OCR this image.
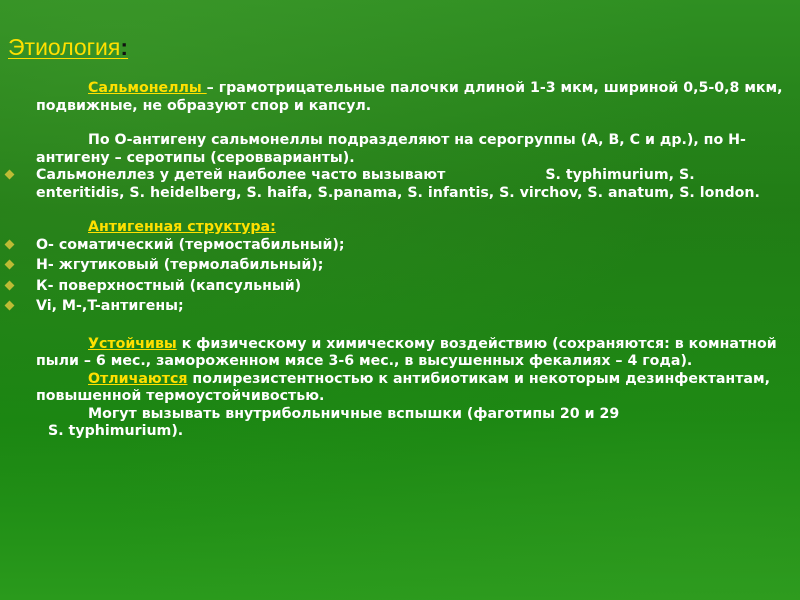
Этиология:

Сальмонеллы – грамотрицательные палочки длиной 1-3 мкм, шириной 0,5-0,8 мкм, подвижные, не образуют спор и капсул.

По О-антигену сальмонеллы подразделяют на серогруппы (А, В, С и др.), по Н-антигену – серотипы (серовварианты).

Сальмонеллез у детей наиболее часто вызывают	S. typhimurium, S. enteritidis, S. heidelberg, S. haifa, S.panama, S. infantis, S. virchov, S. anatum, S. london.

Антигенная структура:

О- соматический (термостабильный);

Н- жгутиковый (термолабильный);

К- поверхностный (капсульный)

Vi, M-,T-антигены;

Устойчивы к физическому и химическому воздействию (сохраняются: в комнатной пыли – 6 мес., замороженном мясе 3-6 мес., в высушенных фекалиях – 4 года).

Отличаются полирезистентностью к антибиотикам и некоторым дезинфектантам, повышенной термоустойчивостью.

Могут вызывать внутрибольничные вспышки (фаготипы 20 и 29

S. typhimurium).
